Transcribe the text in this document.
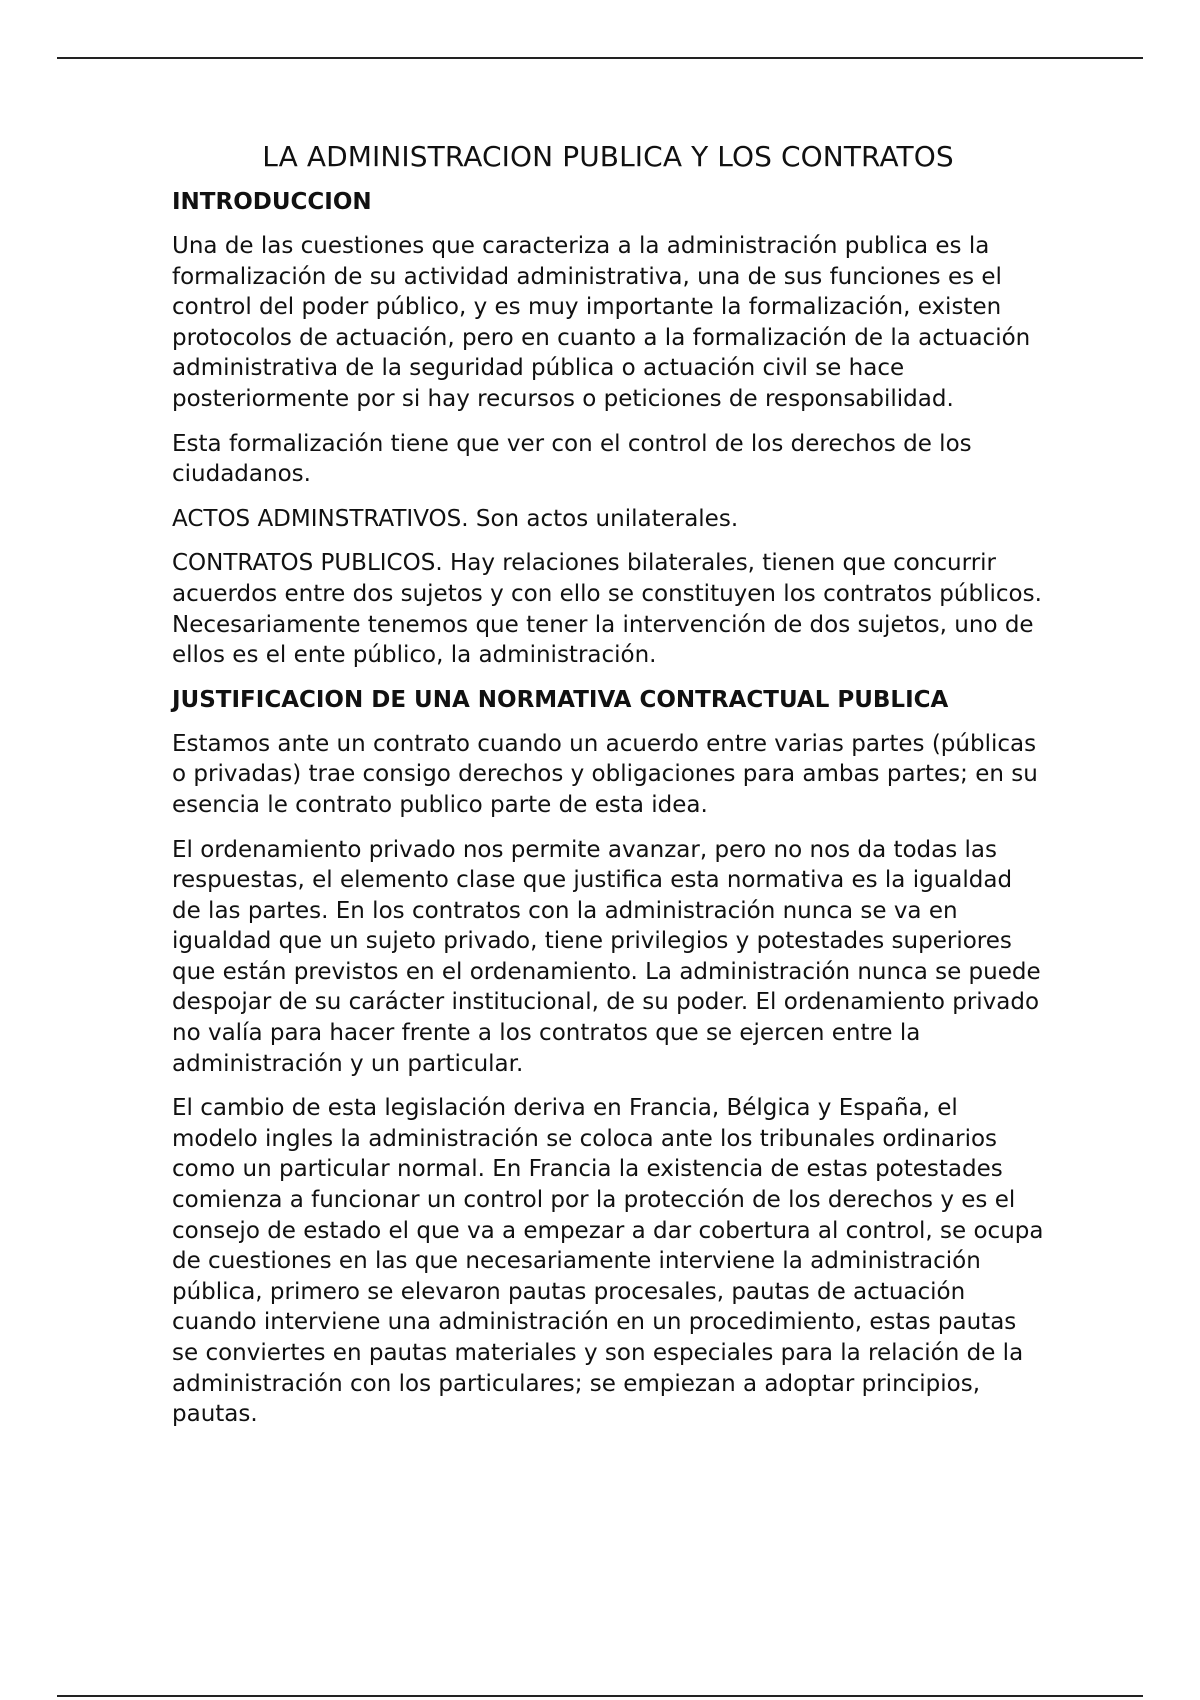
LA ADMINISTRACION PUBLICA Y LOS CONTRATOS
INTRODUCCION

Una de las cuestiones que caracteriza a la administración publica es la formalización de su actividad administrativa, una de sus funciones es el control del poder público, y es muy importante la formalización, existen protocolos de actuación, pero en cuanto a la formalización de la actuación administrativa de la seguridad pública o actuación civil se hace posteriormente por si hay recursos o peticiones de responsabilidad.

Esta formalización tiene que ver con el control de los derechos de los ciudadanos.

ACTOS ADMINSTRATIVOS. Son actos unilaterales.

CONTRATOS PUBLICOS. Hay relaciones bilaterales, tienen que concurrir acuerdos entre dos sujetos y con ello se constituyen los contratos públicos. Necesariamente tenemos que tener la intervención de dos sujetos, uno de ellos es el ente público, la administración.

JUSTIFICACION DE UNA NORMATIVA CONTRACTUAL PUBLICA

Estamos ante un contrato cuando un acuerdo entre varias partes (públicas o privadas) trae consigo derechos y obligaciones para ambas partes; en su esencia le contrato publico parte de esta idea.

El ordenamiento privado nos permite avanzar, pero no nos da todas las respuestas, el elemento clase que justifica esta normativa es la igualdad de las partes. En los contratos con la administración nunca se va en igualdad que un sujeto privado, tiene privilegios y potestades superiores que están previstos en el ordenamiento. La administración nunca se puede despojar de su carácter institucional, de su poder. El ordenamiento privado no valía para hacer frente a los contratos que se ejercen entre la administración y un particular.

El cambio de esta legislación deriva en Francia, Bélgica y España, el modelo ingles la administración se coloca ante los tribunales ordinarios como un particular normal. En Francia la existencia de estas potestades comienza a funcionar un control por la protección de los derechos y es el consejo de estado el que va a empezar a dar cobertura al control, se ocupa de cuestiones en las que necesariamente interviene la administración pública, primero se elevaron pautas procesales, pautas de actuación cuando interviene una administración en un procedimiento, estas pautas se conviertes en pautas materiales y son especiales para la relación de la administración con los particulares; se empiezan a adoptar principios, pautas.
